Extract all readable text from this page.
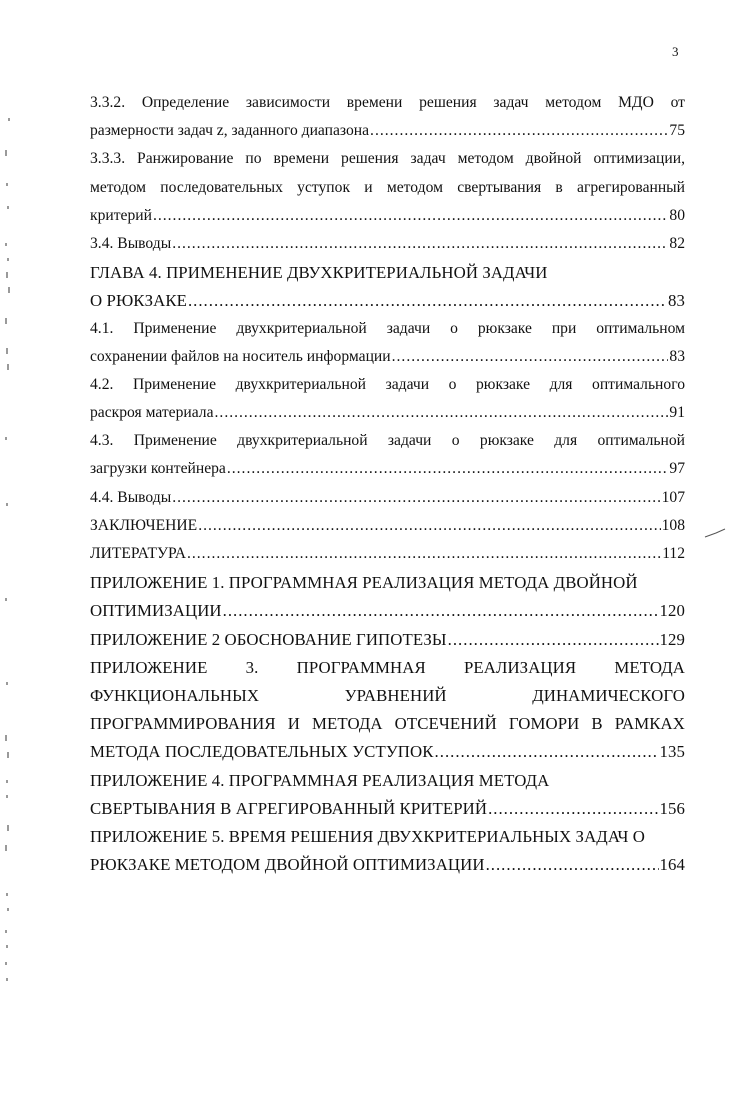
3
3.3.2. Определение зависимости времени решения задач методом МДО от
размерности задач z, заданного диапазона .....	75
3.3.3. Ранжирование по времени решения задач методом двойной оптимизации,
методом последовательных уступок и методом свертывания в агрегированный
критерий .....	80
3.4. Выводы .....	82
ГЛАВА 4. ПРИМЕНЕНИЕ ДВУХКРИТЕРИАЛЬНОЙ ЗАДАЧИ
О РЮКЗАКЕ .....	83
4.1. Применение двухкритериальной задачи о рюкзаке при оптимальном
сохранении файлов на носитель информации .....	83
4.2. Применение двухкритериальной задачи о рюкзаке для оптимального
раскроя материала .....	91
4.3. Применение двухкритериальной задачи о рюкзаке для оптимальной
загрузки контейнера .....	97
4.4. Выводы .....	107
ЗАКЛЮЧЕНИЕ .....	108
ЛИТЕРАТУРА .....	112
ПРИЛОЖЕНИЕ 1. ПРОГРАММНАЯ РЕАЛИЗАЦИЯ МЕТОДА ДВОЙНОЙ
ОПТИМИЗАЦИИ .....	120
ПРИЛОЖЕНИЕ 2 ОБОСНОВАНИЕ ГИПОТЕЗЫ .....	129
ПРИЛОЖЕНИЕ 3. ПРОГРАММНАЯ РЕАЛИЗАЦИЯ МЕТОДА
ФУНКЦИОНАЛЬНЫХ УРАВНЕНИЙ ДИНАМИЧЕСКОГО
ПРОГРАММИРОВАНИЯ И МЕТОДА ОТСЕЧЕНИЙ ГОМОРИ В РАМКАХ
МЕТОДА ПОСЛЕДОВАТЕЛЬНЫХ УСТУПОК .....	135
ПРИЛОЖЕНИЕ 4. ПРОГРАММНАЯ РЕАЛИЗАЦИЯ МЕТОДА
СВЕРТЫВАНИЯ В АГРЕГИРОВАННЫЙ КРИТЕРИЙ .....	156
ПРИЛОЖЕНИЕ 5. ВРЕМЯ РЕШЕНИЯ ДВУХКРИТЕРИАЛЬНЫХ ЗАДАЧ О
РЮКЗАКЕ МЕТОДОМ ДВОЙНОЙ ОПТИМИЗАЦИИ .....	164
